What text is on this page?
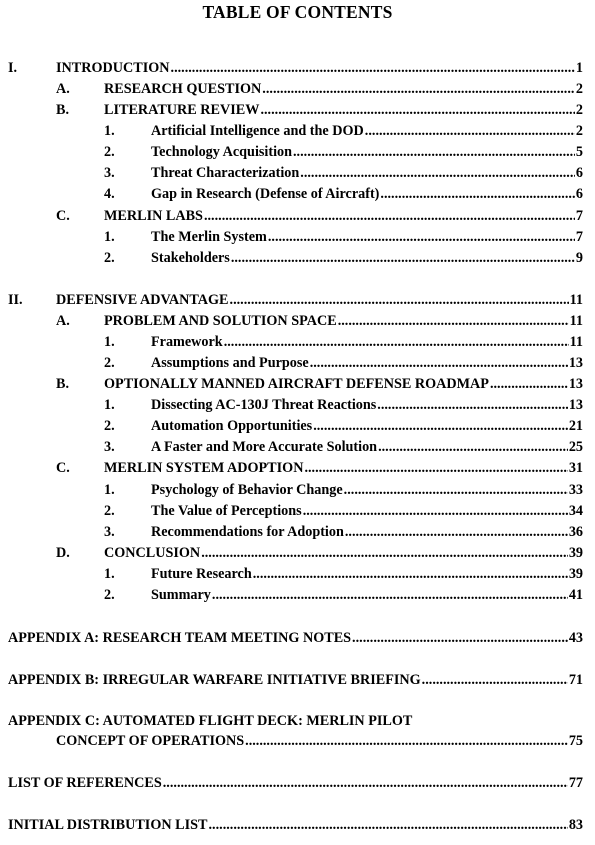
TABLE OF CONTENTS
I.	INTRODUCTION .....	1
A. RESEARCH QUESTION .....	2
B. LITERATURE REVIEW .....	2
1.	Artificial Intelligence and the DOD .....	2
2.	Technology Acquisition .....	5
3.	Threat Characterization .....	6
4.	Gap in Research (Defense of Aircraft) .....	6
C. MERLIN LABS .....	7
1.	The Merlin System .....	7
2.	Stakeholders .....	9
II. DEFENSIVE ADVANTAGE .....	11
A. PROBLEM AND SOLUTION SPACE .....	11
1.	Framework .....	11
2.	Assumptions and Purpose .....	13
B. OPTIONALLY MANNED AIRCRAFT DEFENSE ROADMAP .....	13
1.	Dissecting AC-130J Threat Reactions .....	13
2.	Automation Opportunities .....	21
3.	A Faster and More Accurate Solution .....	25
C. MERLIN SYSTEM ADOPTION .....	31
1.	Psychology of Behavior Change .....	33
2.	The Value of Perceptions .....	34
3.	Recommendations for Adoption .....	36
D. CONCLUSION .....	39
1.	Future Research .....	39
2.	Summary .....	41
APPENDIX A: RESEARCH TEAM MEETING NOTES .....	43
APPENDIX B: IRREGULAR WARFARE INITIATIVE BRIEFING .....	71
APPENDIX C: AUTOMATED FLIGHT DECK: MERLIN PILOT
CONCEPT OF OPERATIONS .....	75
LIST OF REFERENCES .....	77
INITIAL DISTRIBUTION LIST .....	83
